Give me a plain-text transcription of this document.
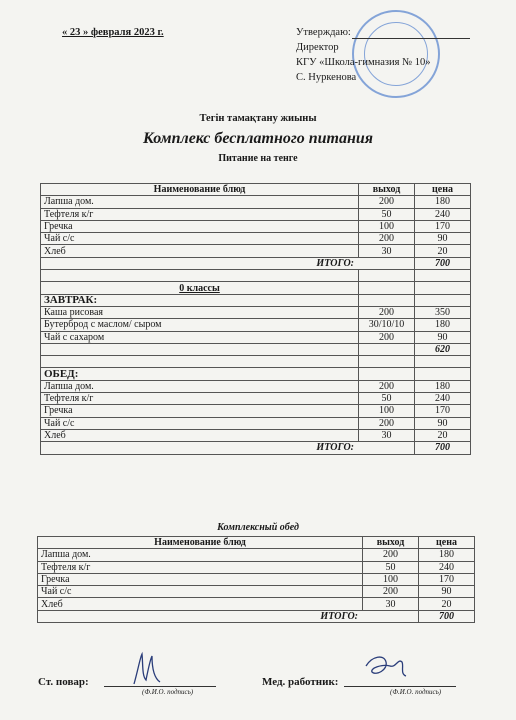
« 23 » февраля 2023 г.	Утверждаю:
Директор
КГУ «Школа-гимназия № 10»
С. Нуркенова
Тегін тамақтану жиыны
Комплекс бесплатного питания
Питание на тенге
Наименование блюд	выход	цена
Лапша дом.	200	180
Тефтеля к/г	50	240
Гречка	100	170
Чай с/с	200	90
Хлеб	30	20
ИТОГО:		700

0 классы		
ЗАВТРАК:		
Каша рисовая	200	350
Бутерброд с маслом/ сыром	30/10/10	180
Чай с сахаром	200	90
		620

ОБЕД:		
Лапша дом.	200	180
Тефтеля к/г	50	240
Гречка	100	170
Чай с/с	200	90
Хлеб	30	20
ИТОГО:		700
Комплексный обед
Наименование блюд	выход	цена
Лапша дом.	200	180
Тефтеля к/г	50	240
Гречка	100	170
Чай с/с	200	90
Хлеб	30	20
ИТОГО:		700
Ст. повар:
(Ф.И.О. подпись)
Мед. работник:
(Ф.И.О. подпись)
